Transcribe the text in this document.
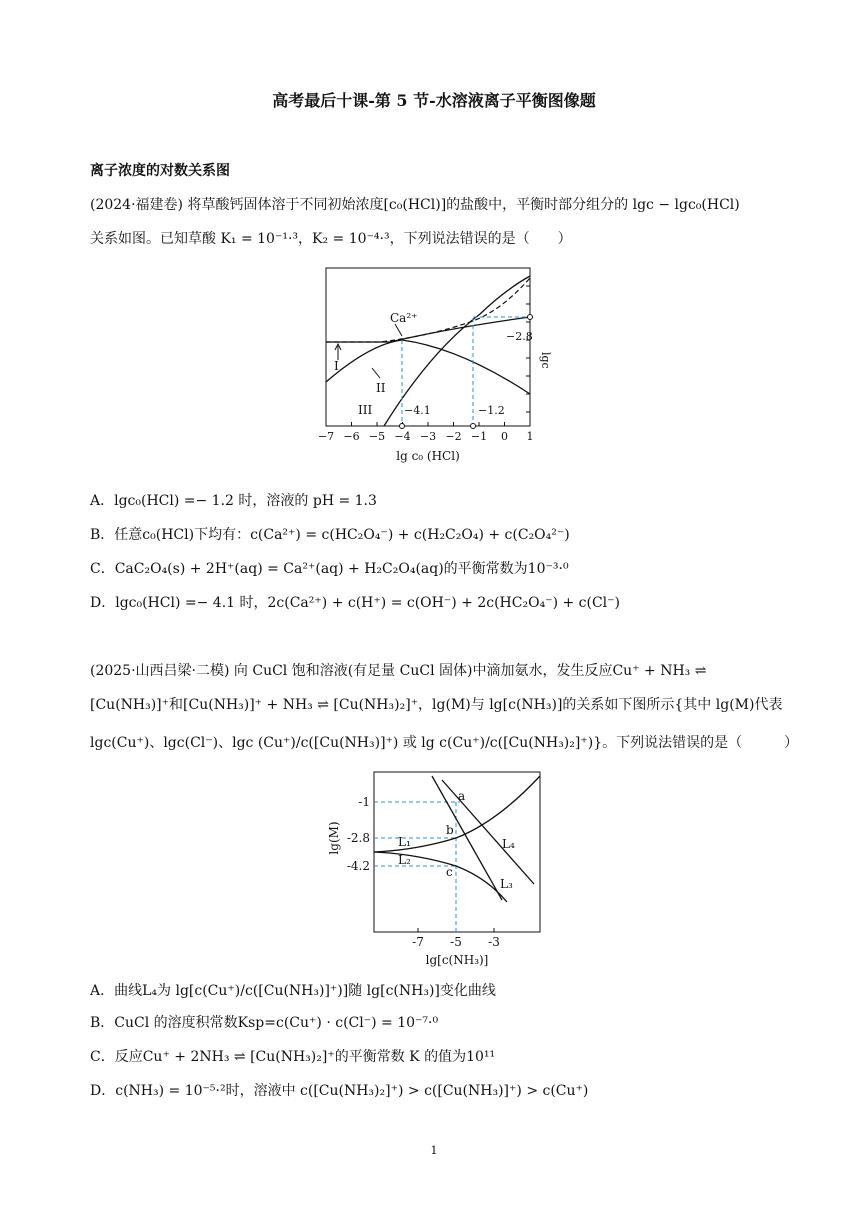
高考最后十课-第 5 节-水溶液离子平衡图像题
离子浓度的对数关系图
(2024·福建卷) 将草酸钙固体溶于不同初始浓度[c₀(HCl)]的盐酸中，平衡时部分组分的 lgc − lgc₀(HCl)
关系如图。已知草酸 K₁ = 10⁻¹·³，K₂ = 10⁻⁴·³，下列说法错误的是（　　）
Ca²⁺
I
II
III
−2.8
−4.1	−1.2
lgc
−7 −6 −5 −4 −3 −2 −1 0 1
lg c₀ (HCl)
A．lgc₀(HCl) =− 1.2 时，溶液的 pH = 1.3
B．任意c₀(HCl)下均有：c(Ca²⁺) = c(HC₂O₄⁻) + c(H₂C₂O₄) + c(C₂O₄²⁻)
C．CaC₂O₄(s) + 2H⁺(aq) = Ca²⁺(aq) + H₂C₂O₄(aq)的平衡常数为10⁻³·⁰
D．lgc₀(HCl) =− 4.1 时，2c(Ca²⁺) + c(H⁺) = c(OH⁻) + 2c(HC₂O₄⁻) + c(Cl⁻)
(2025·山西吕梁·二模) 向 CuCl 饱和溶液(有足量 CuCl 固体)中滴加氨水，发生反应Cu⁺ + NH₃ ⇌
[Cu(NH₃)]⁺和[Cu(NH₃)]⁺ + NH₃ ⇌ [Cu(NH₃)₂]⁺，lg(M)与 lg[c(NH₃)]的关系如下图所示{其中 lg(M)代表
lgc(Cu⁺)、lgc(Cl⁻)、lgc (Cu⁺)/c([Cu(NH₃)]⁺) 或 lg c(Cu⁺)/c([Cu(NH₃)₂]⁺)}。下列说法错误的是（　　　）
a
b
c
L₁
L₂
L₃
L₄
-1
-2.8
-4.2
-7 -5 -3
lg(M)
lg[c(NH₃)]
A．曲线L₄为 lg[c(Cu⁺)/c([Cu(NH₃)]⁺)]随 lg[c(NH₃)]变化曲线
B．CuCl 的溶度积常数Ksp=c(Cu⁺) · c(Cl⁻) = 10⁻⁷·⁰
C．反应Cu⁺ + 2NH₃ ⇌ [Cu(NH₃)₂]⁺的平衡常数 K 的值为10¹¹
D．c(NH₃) = 10⁻⁵·²时，溶液中 c([Cu(NH₃)₂]⁺) > c([Cu(NH₃)]⁺) > c(Cu⁺)
1
